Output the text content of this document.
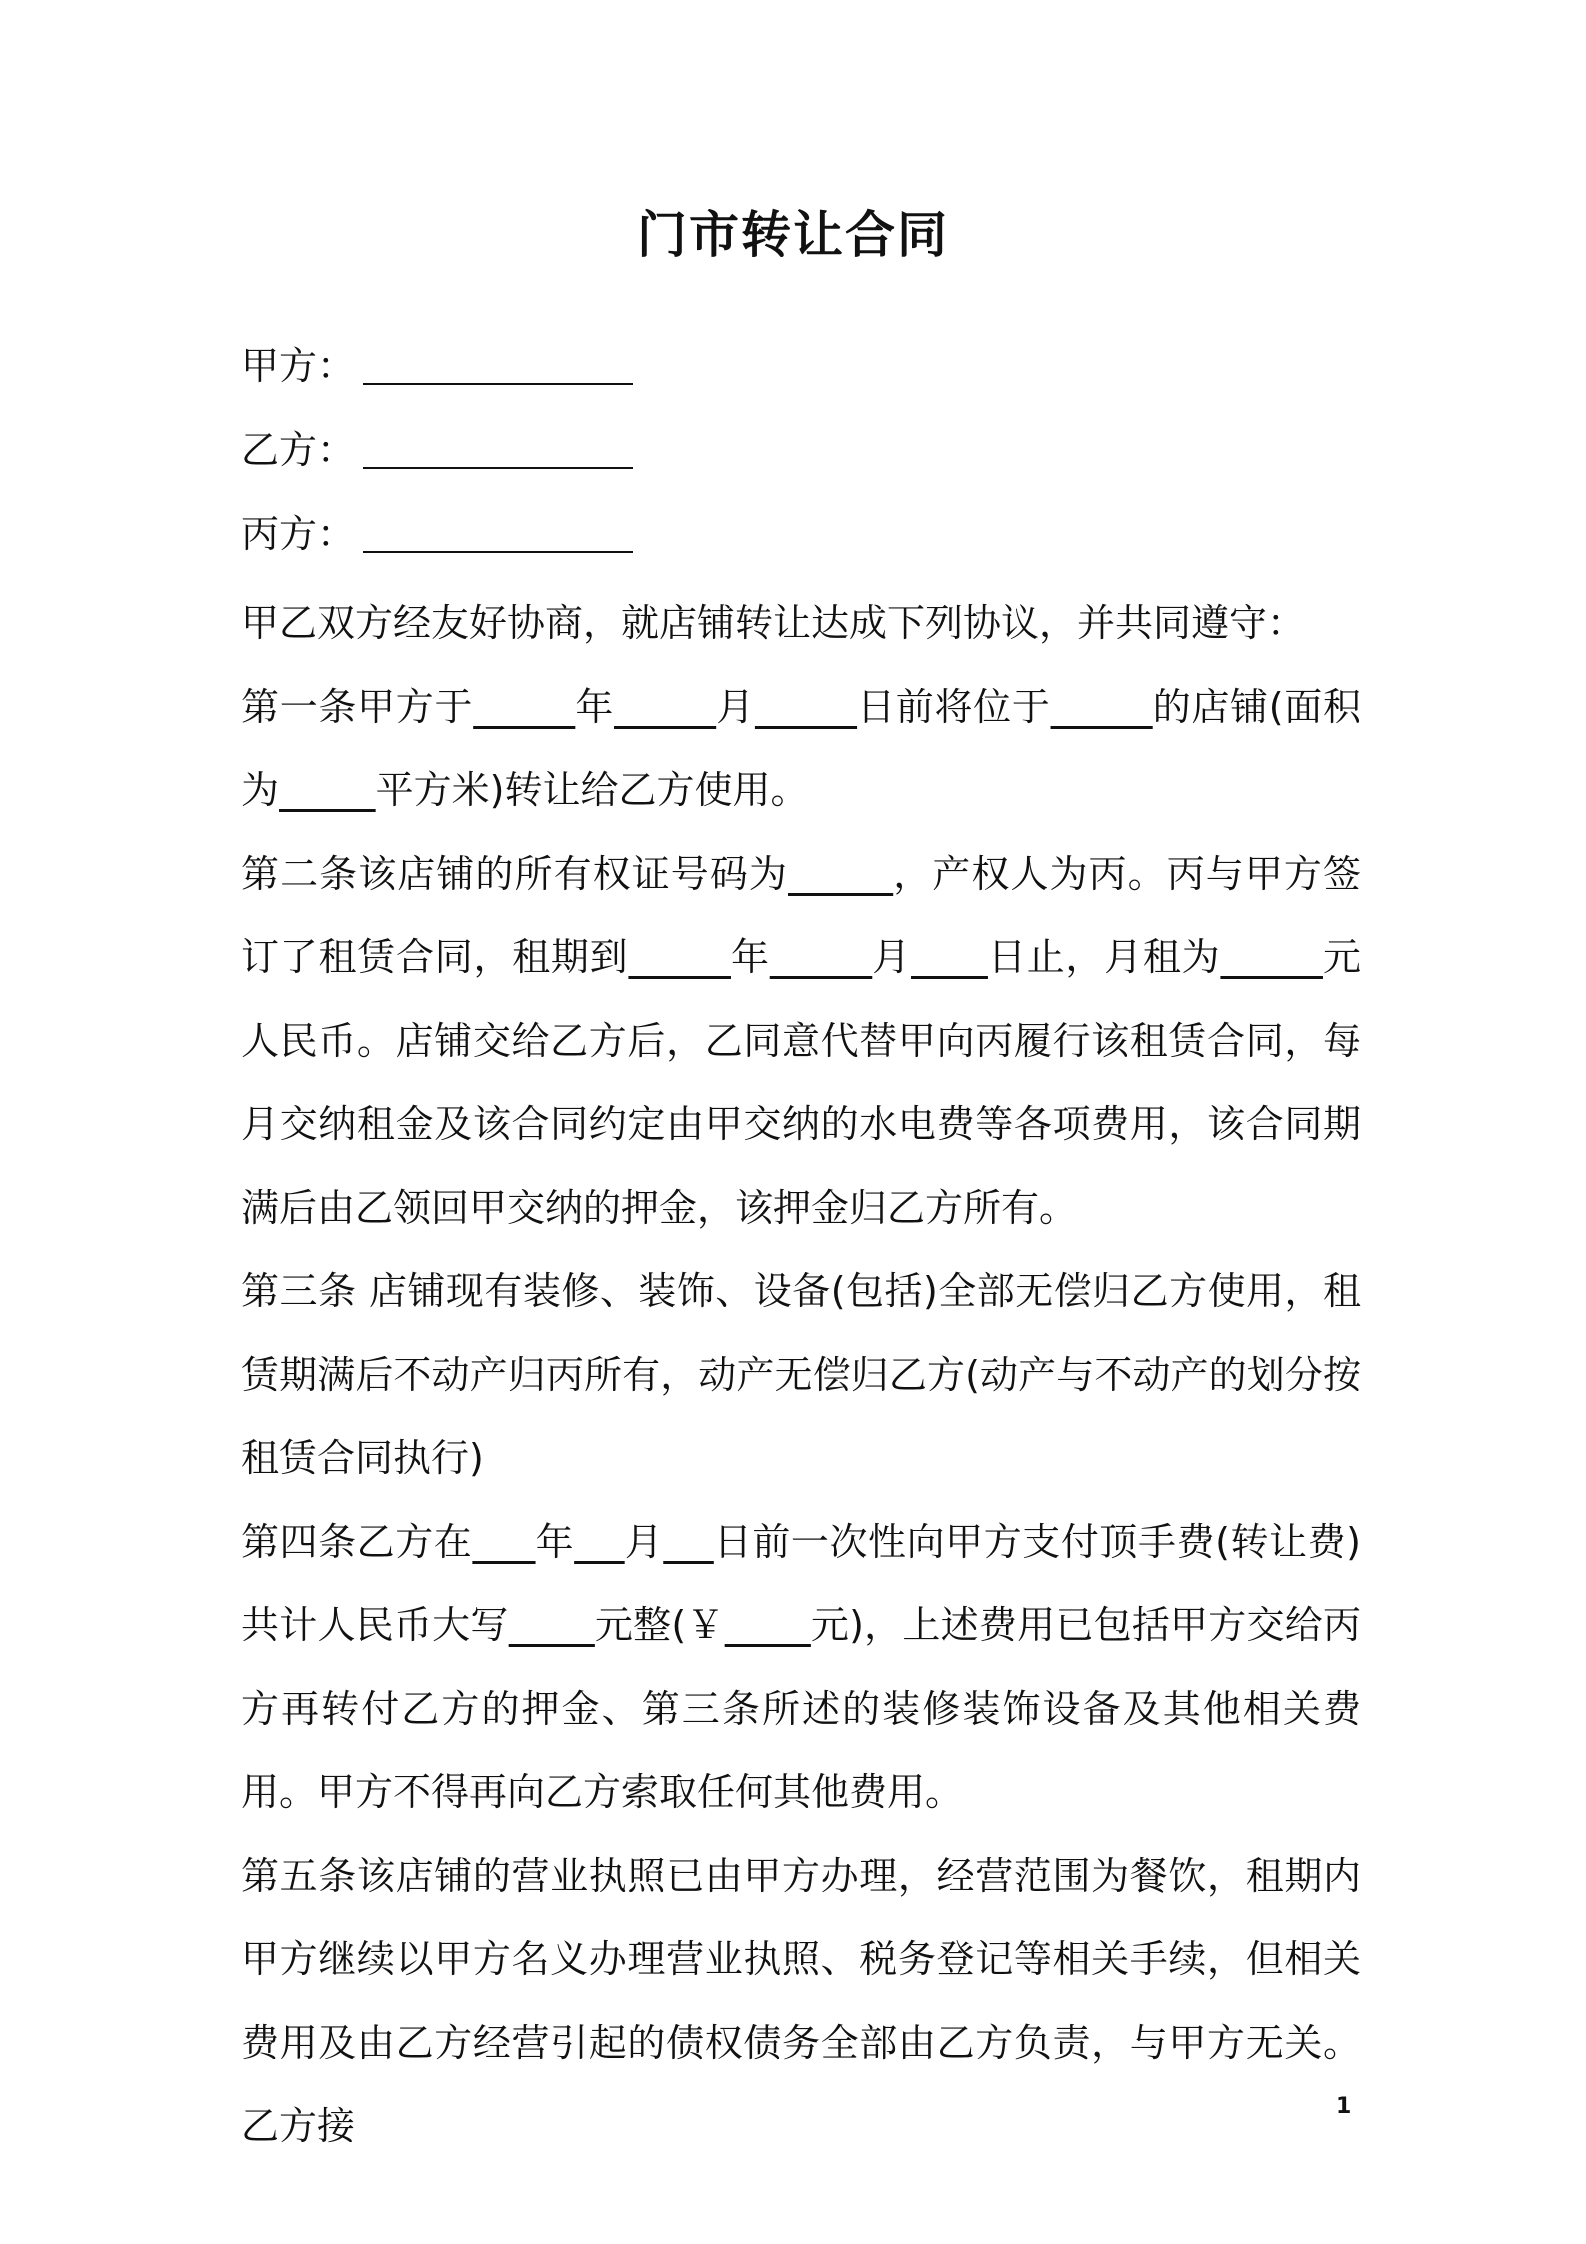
门市转让合同
甲方：
乙方：
丙方：

甲乙双方经友好协商，就店铺转让达成下列协议，并共同遵守：

第一条甲方于	年	月	日前将位于	的店铺(面积为	平方米)转让给乙方使用。

第二条该店铺的所有权证号码为	，产权人为丙。丙与甲方签订了租赁合同，租期到	年	月 日止，月租为	元人民币。店铺交给乙方后，乙同意代替甲向丙履行该租赁合同，每月交纳租金及该合同约定由甲交纳的水电费等各项费用，该合同期满后由乙领回甲交纳的押金，该押金归乙方所有。

第三条 店铺现有装修、装饰、设备(包括)全部无偿归乙方使用，租赁期满后不动产归丙所有，动产无偿归乙方(动产与不动产的划分按租赁合同执行)

第四条乙方在 年 月 日前一次性向甲方支付顶手费(转让费)共计人民币大写 元整(￥ 元)，上述费用已包括甲方交给丙方再转付乙方的押金、第三条所述的装修装饰设备及其他相关费用。甲方不得再向乙方索取任何其他费用。

第五条该店铺的营业执照已由甲方办理，经营范围为餐饮，租期内甲方继续以甲方名义办理营业执照、税务登记等相关手续，但相关费用及由乙方经营引起的债权债务全部由乙方负责，与甲方无关。乙方接	1
